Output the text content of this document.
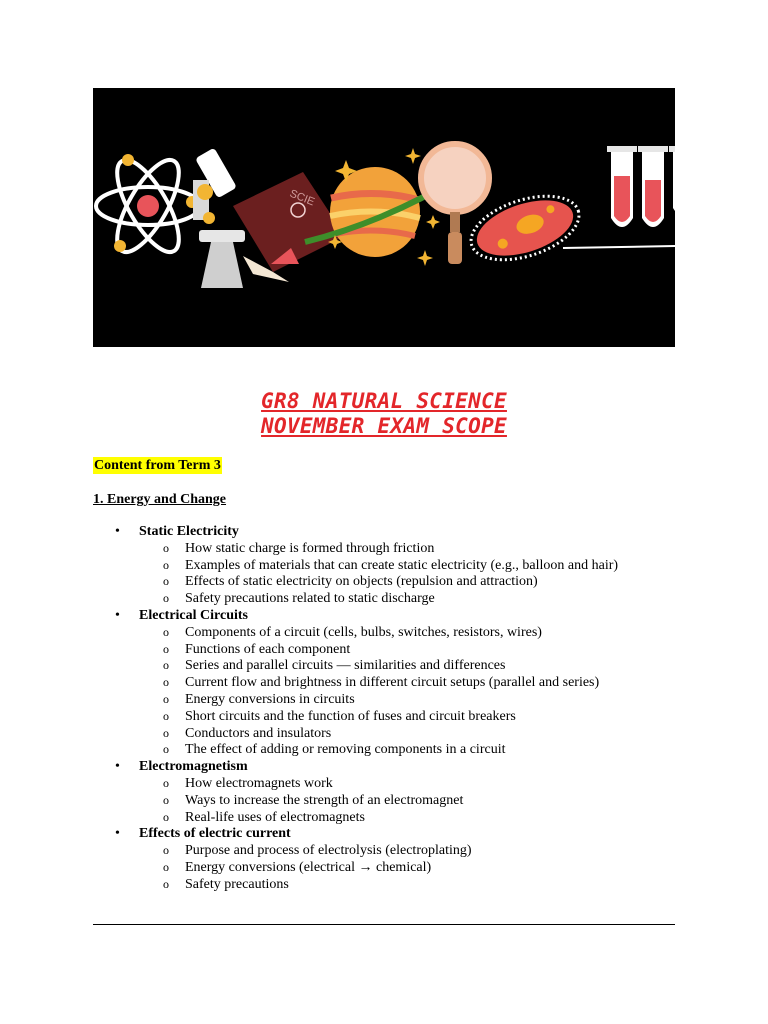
SCIE
GR8 NATURAL SCIENCE
NOVEMBER EXAM SCOPE
Content from Term 3
1. Energy and Change
• Static Electricity
o How static charge is formed through friction
o Examples of materials that can create static electricity (e.g., balloon and hair)
o Effects of static electricity on objects (repulsion and attraction)
o Safety precautions related to static discharge
• Electrical Circuits
o Components of a circuit (cells, bulbs, switches, resistors, wires)
o Functions of each component
o Series and parallel circuits — similarities and differences
o Current flow and brightness in different circuit setups (parallel and series)
o Energy conversions in circuits
o Short circuits and the function of fuses and circuit breakers
o Conductors and insulators
o The effect of adding or removing components in a circuit
• Electromagnetism
o How electromagnets work
o Ways to increase the strength of an electromagnet
o Real-life uses of electromagnets
• Effects of electric current
o Purpose and process of electrolysis (electroplating)
o Energy conversions (electrical → chemical)
o Safety precautions
